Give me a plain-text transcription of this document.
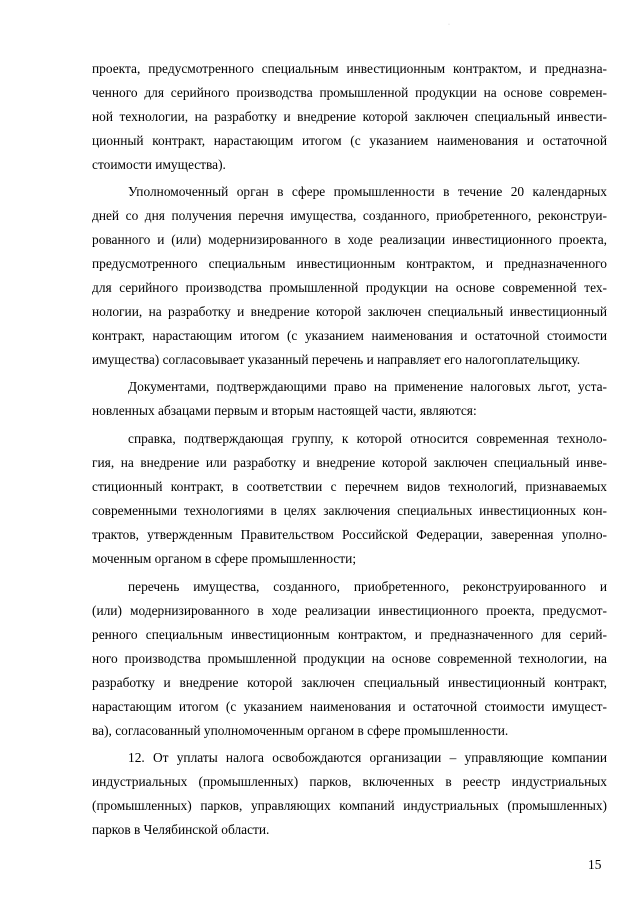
·
проекта, предусмотренного специальным инвестиционным контрактом, и предназна-
ченного для серийного производства промышленной продукции на основе современ-
ной технологии, на разработку и внедрение которой заключен специальный инвести-
ционный контракт, нарастающим итогом (с указанием наименования и остаточной
стоимости имущества).
Уполномоченный орган в сфере промышленности в течение 20 календарных
дней со дня получения перечня имущества, созданного, приобретенного, реконструи-
рованного и (или) модернизированного в ходе реализации инвестиционного проекта,
предусмотренного специальным инвестиционным контрактом, и предназначенного
для серийного производства промышленной продукции на основе современной тех-
нологии, на разработку и внедрение которой заключен специальный инвестиционный
контракт, нарастающим итогом (с указанием наименования и остаточной стоимости
имущества) согласовывает указанный перечень и направляет его налогоплательщику.
Документами, подтверждающими право на применение налоговых льгот, уста-
новленных абзацами первым и вторым настоящей части, являются:
справка, подтверждающая группу, к которой относится современная техноло-
гия, на внедрение или разработку и внедрение которой заключен специальный инве-
стиционный контракт, в соответствии с перечнем видов технологий, признаваемых
современными технологиями в целях заключения специальных инвестиционных кон-
трактов, утвержденным Правительством Российской Федерации, заверенная уполно-
моченным органом в сфере промышленности;
перечень имущества, созданного, приобретенного, реконструированного и
(или) модернизированного в ходе реализации инвестиционного проекта, предусмот-
ренного специальным инвестиционным контрактом, и предназначенного для серий-
ного производства промышленной продукции на основе современной технологии, на
разработку и внедрение которой заключен специальный инвестиционный контракт,
нарастающим итогом (с указанием наименования и остаточной стоимости имущест-
ва), согласованный уполномоченным органом в сфере промышленности.
12. От уплаты налога освобождаются организации – управляющие компании
индустриальных (промышленных) парков, включенных в реестр индустриальных
(промышленных) парков, управляющих компаний индустриальных (промышленных)
парков в Челябинской области.
15
